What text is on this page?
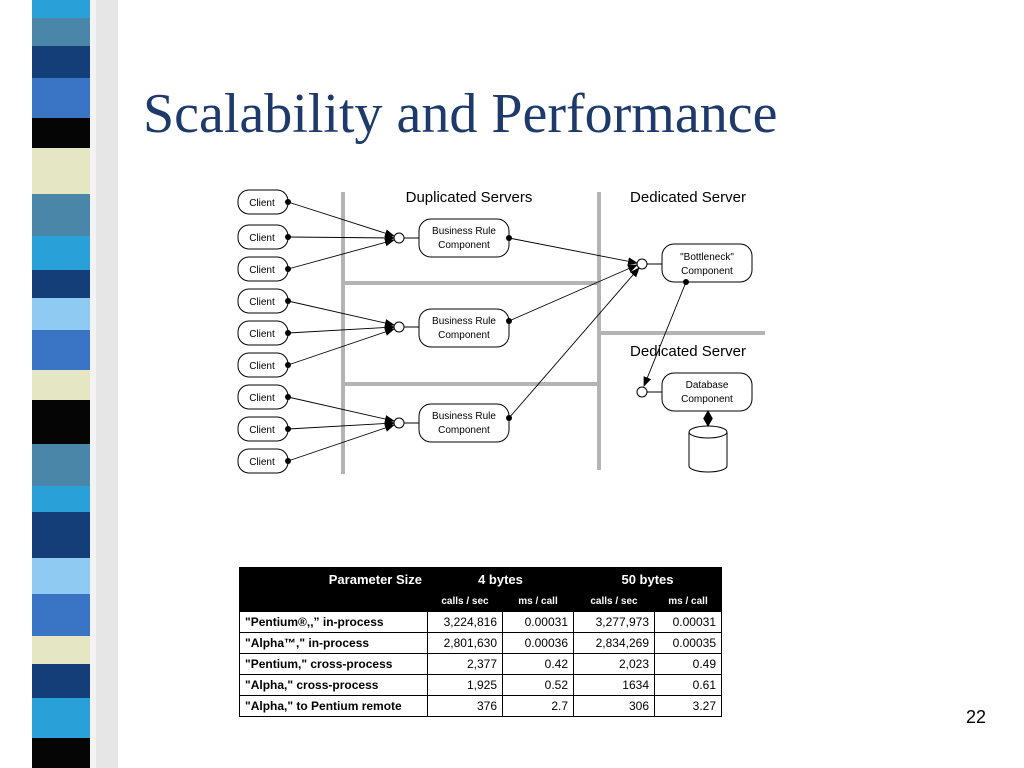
Scalability and Performance
Duplicated Servers	Dedicated Server
Dedicated Server
Client
Client
Client
Client
Client
Client
Client
Client
Client
Business Rule
Component
Business Rule
Component
Business Rule
Component
"Bottleneck"
Component
Database
Component
Parameter Size	4 bytes		50 bytes	
	calls / sec	ms / call	calls / sec	ms / call
"Pentium®,,” in-process	3,224,816	0.00031	3,277,973	0.00031
"Alpha™," in-process	2,801,630	0.00036	2,834,269	0.00035
"Pentium," cross-process	2,377	0.42	2,023	0.49
"Alpha," cross-process	1,925	0.52	1634	0.61
"Alpha," to Pentium remote	376	2.7	306	3.27
22
